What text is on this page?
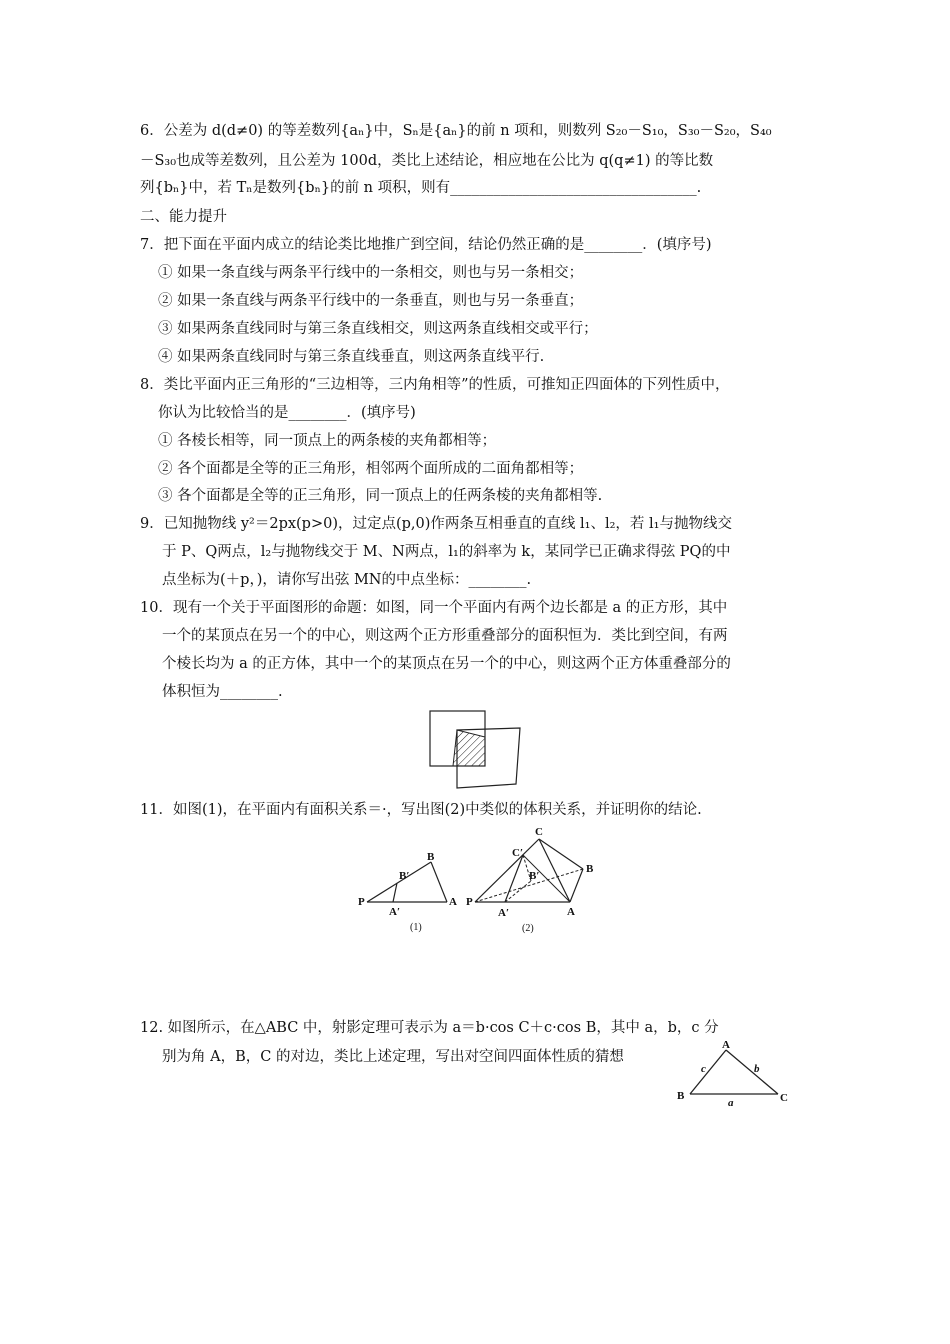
6．公差为 d(d≠0) 的等差数列{aₙ}中，Sₙ是{aₙ}的前 n 项和，则数列 S₂₀－S₁₀，S₃₀－S₂₀，S₄₀
－S₃₀也成等差数列，且公差为 100d，类比上述结论，相应地在公比为 q(q≠1) 的等比数
列{bₙ}中，若 Tₙ是数列{bₙ}的前 n 项积，则有__________________________________.
二、能力提升
7．把下面在平面内成立的结论类比地推广到空间，结论仍然正确的是________．(填序号)
① 如果一条直线与两条平行线中的一条相交，则也与另一条相交；
② 如果一条直线与两条平行线中的一条垂直，则也与另一条垂直；
③ 如果两条直线同时与第三条直线相交，则这两条直线相交或平行；
④ 如果两条直线同时与第三条直线垂直，则这两条直线平行.
8．类比平面内正三角形的“三边相等，三内角相等”的性质，可推知正四面体的下列性质中，
你认为比较恰当的是________．(填序号)
① 各棱长相等，同一顶点上的两条棱的夹角都相等；
② 各个面都是全等的正三角形，相邻两个面所成的二面角都相等；
③ 各个面都是全等的正三角形，同一顶点上的任两条棱的夹角都相等.
9．已知抛物线 y²＝2px(p>0)，过定点(p,0)作两条互相垂直的直线 l₁、l₂，若 l₁与抛物线交
于 P、Q两点，l₂与抛物线交于 M、N两点，l₁的斜率为 k，某同学已正确求得弦 PQ的中
点坐标为(＋p，)，请你写出弦 MN的中点坐标：________.
10．现有一个关于平面图形的命题：如图，同一个平面内有两个边长都是 a 的正方形，其中
一个的某顶点在另一个的中心，则这两个正方形重叠部分的面积恒为．类比到空间，有两
个棱长均为 a 的正方体，其中一个的某顶点在另一个的中心，则这两个正方体重叠部分的
体积恒为________.
11．如图(1)，在平面内有面积关系＝·，写出图(2)中类似的体积关系，并证明你的结论.
12. 如图所示，在△ABC 中，射影定理可表示为 a＝b·cos C＋c·cos B，其中 a，b，c 分
别为角 A，B，C 的对边，类比上述定理，写出对空间四面体性质的猜想
P
A′
A
B′
B
(1)
P
A′	A
B′
B
C′
C
(2)
A
B	C
a
b
c
